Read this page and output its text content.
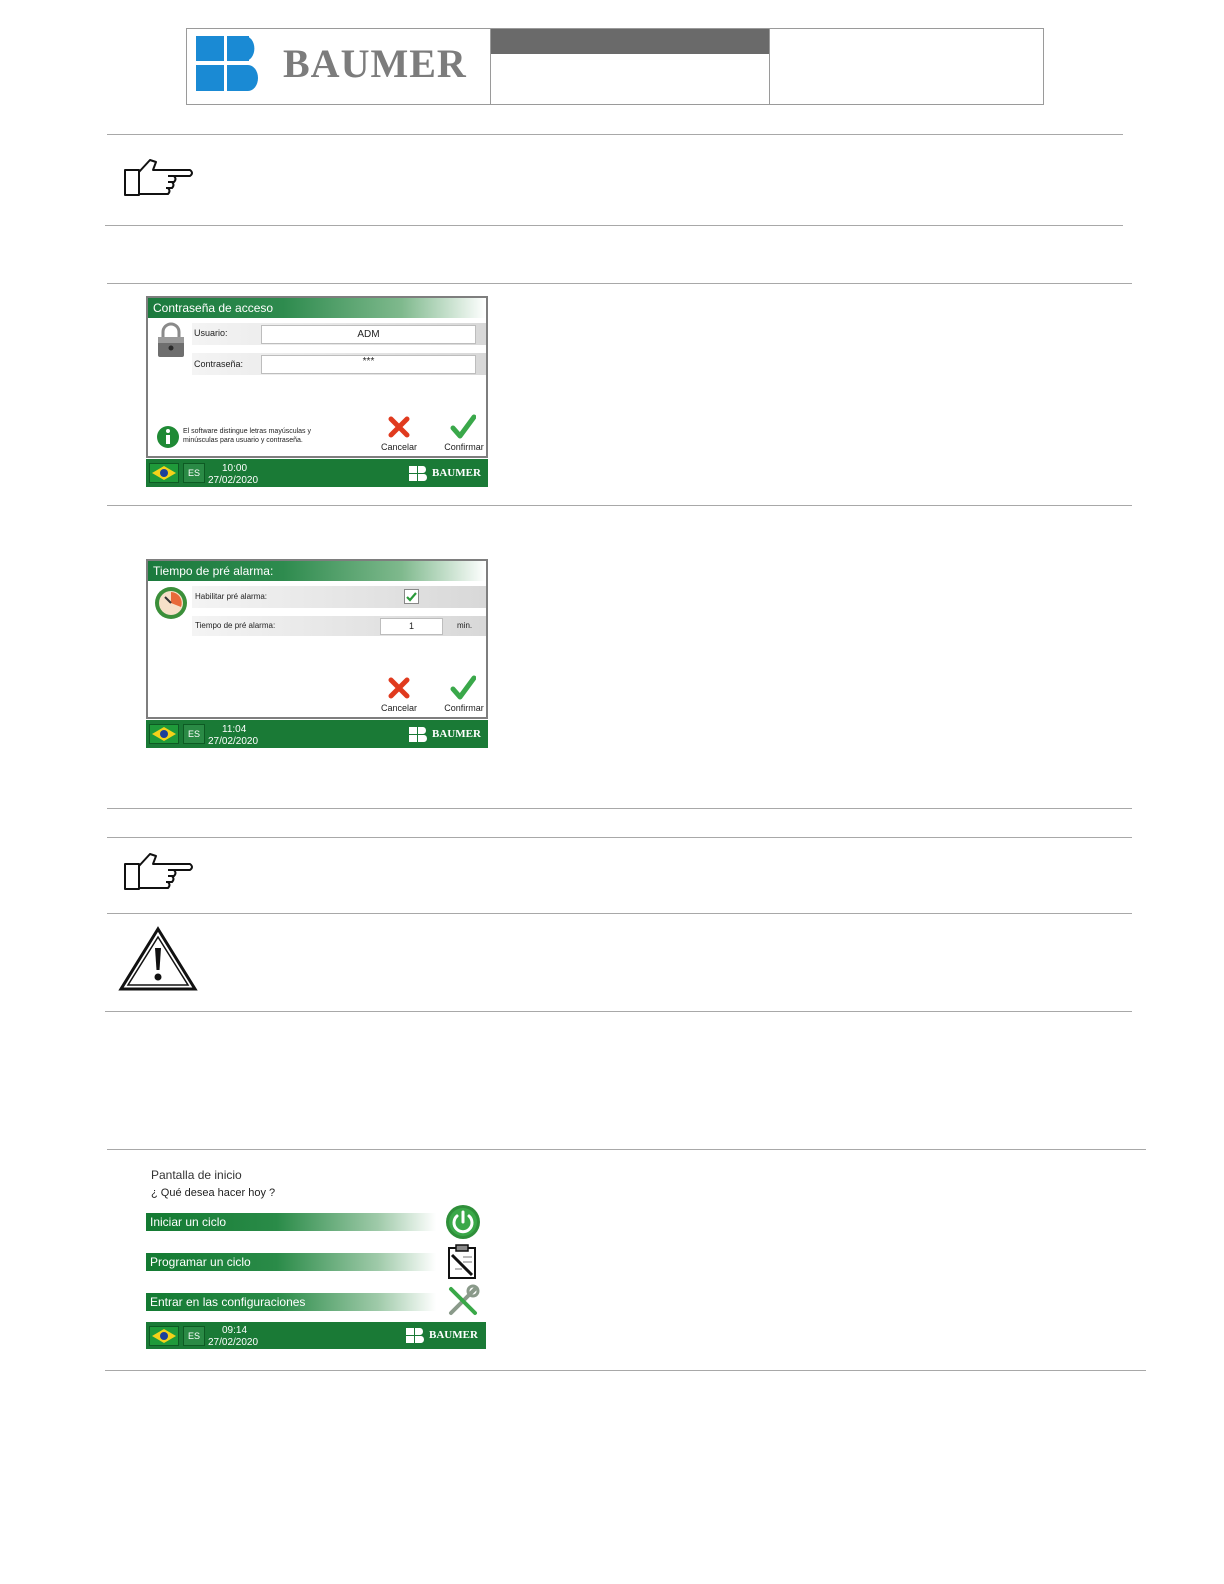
BAUMER
Contraseña de acceso
Usuario:	ADM
Contraseña:	***
El software distingue letras mayúsculas y
minúsculas para usuario y contraseña.
Cancelar	Confirmar
ES	10:00
27/02/2020
BAUMER
Tiempo de pré alarma:
Habilitar pré alarma:
Tiempo de pré alarma:	1	min.
Cancelar	Confirmar
ES	11:04
27/02/2020
BAUMER
Pantalla de inicio
¿ Qué desea hacer hoy ?
Iniciar un ciclo
Programar un ciclo
Entrar en las configuraciones
ES	09:14
27/02/2020
BAUMER
